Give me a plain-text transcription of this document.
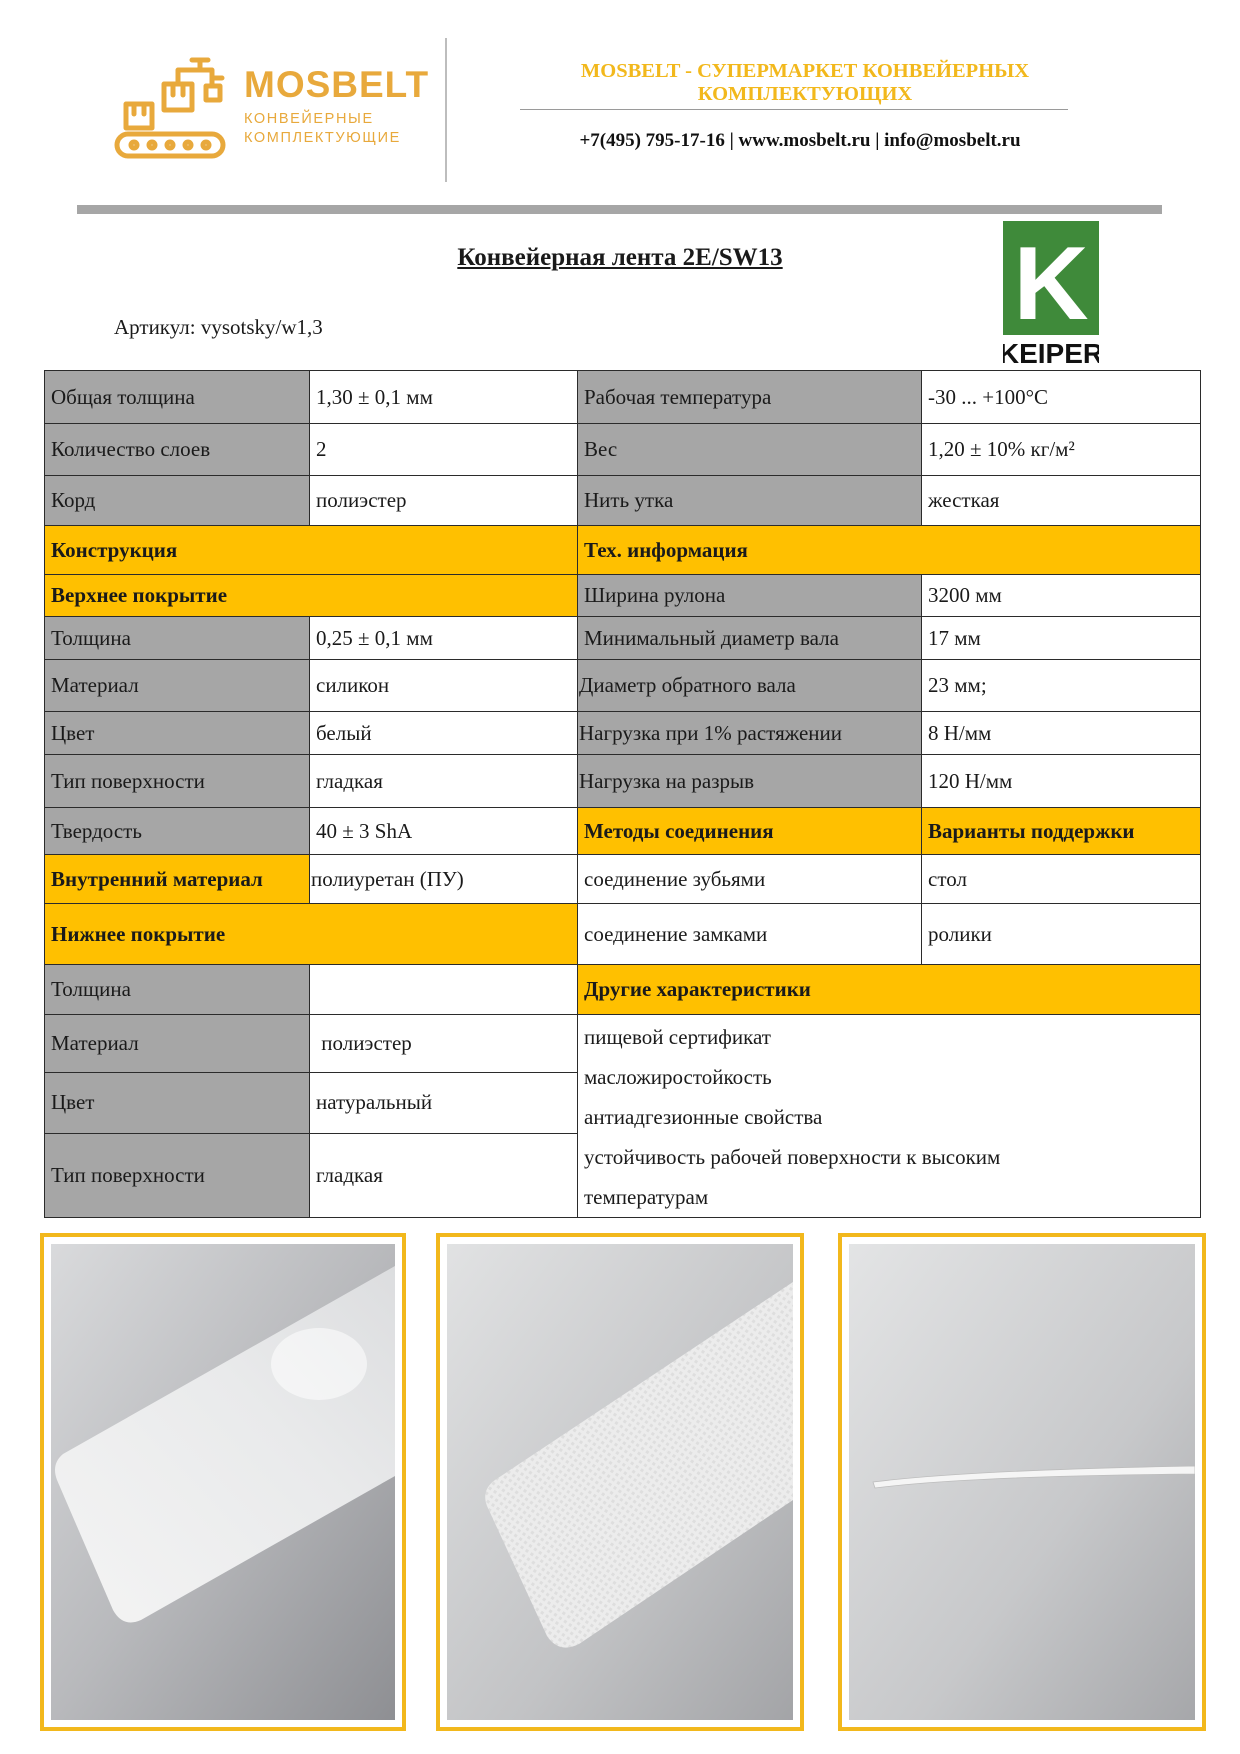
MOSBELT
КОНВЕЙЕРНЫЕ
КОМПЛЕКТУЮЩИЕ
MOSBELT - СУПЕРМАРКЕТ КОНВЕЙЕРНЫХ
КОМПЛЕКТУЮЩИХ
+7(495) 795-17-16 | www.mosbelt.ru | info@mosbelt.ru
Конвейерная лента 2E/SW13
Артикул: vysotsky/w1,3	K
KEIPER
Общая толщина	1,30 ± 0,1 мм	Рабочая температура	-30 ... +100°C
Количество слоев	2	Вес	1,20 ± 10% кг/м²
Корд	полиэстер	Нить утка	жесткая
Конструкция		Тех. информация	
Верхнее покрытие		Ширина рулона	3200 мм
Толщина	0,25 ± 0,1 мм	Минимальный диаметр вала	17 мм
Материал	силикон	Диаметр обратного вала	23 мм;
Цвет	белый	Нагрузка при 1% растяжении	8 Н/мм
Тип поверхности	гладкая	Нагрузка на разрыв	120 Н/мм
Твердость	40 ± 3 ShA	Методы соединения	Варианты поддержки
Внутренний материал	полиуретан (ПУ)	соединение зубьями	стол
Нижнее покрытие		соединение замками	ролики
Толщина		Другие характеристики	
Материал	полиэстер	пищевой сертификат
масложиростойкость
антиадгезионные свойства
устойчивость рабочей поверхности к высоким
температурам	

Цвет	натуральный		
Тип поверхности	гладкая		
